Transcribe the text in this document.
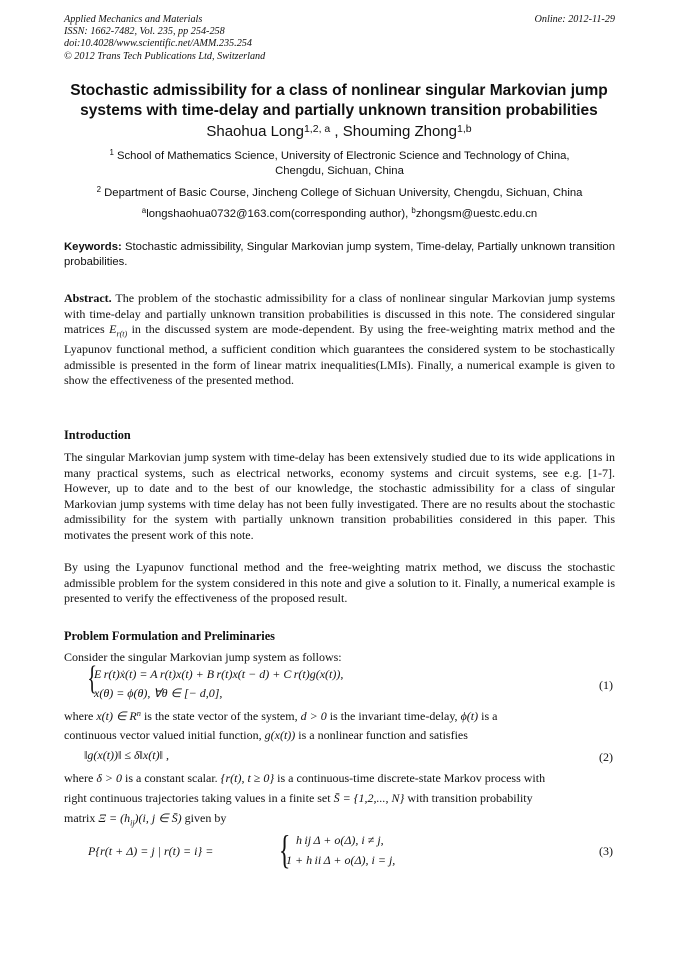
Applied Mechanics and Materials
ISSN: 1662-7482, Vol. 235, pp 254-258
doi:10.4028/www.scientific.net/AMM.235.254
© 2012 Trans Tech Publications Ltd, Switzerland
Online: 2012-11-29
Stochastic admissibility for a class of nonlinear singular Markovian jump systems with time-delay and partially unknown transition probabilities
Shaohua Long$^{1,2, a}$ , Shouming Zhong$^{1,b}$
$^1$ School of Mathematics Science, University of Electronic Science and Technology of China,
Chengdu, Sichuan, China
$^2$ Department of Basic Course, Jincheng College of Sichuan University, Chengdu, Sichuan, China
$^a$longshaohua0732@163.com(corresponding author), $^b$zhongsm@uestc.edu.cn
Keywords: Stochastic admissibility, Singular Markovian jump system, Time-delay, Partially unknown transition probabilities.
Abstract. The problem of the stochastic admissibility for a class of nonlinear singular Markovian jump systems with time-delay and partially unknown transition probabilities is discussed in this note. The considered singular matrices $E_{r(t)}$ in the discussed system are mode-dependent. By using the free-weighting matrix method and the Lyapunov functional method, a sufficient condition which guarantees the considered system to be stochastically admissible is presented in the form of linear matrix inequalities(LMIs). Finally, a numerical example is given to show the effectiveness of the presented method.
Introduction
The singular Markovian jump system with time-delay has been extensively studied due to its wide applications in many practical systems, such as electrical networks, economy systems and circuit systems, see e.g. [1-7]. However, up to date and to the best of our knowledge, the stochastic admissibility for a class of singular Markovian jump systems with time delay has not been fully investigated. There are no results about the stochastic admissibility for the system with partially unknown transition probabilities considered in this paper. This motivates the present work of this note.
By using the Lyapunov functional method and the free-weighting matrix method, we discuss the stochastic admissible problem for the system considered in this note and give a solution to it. Finally, a numerical example is presented to verify the effectiveness of the proposed result.
Problem Formulation and Preliminaries
Consider the singular Markovian jump system as follows:
{
E r(t)ẋ(t) = A r(t)x(t) + B r(t)x(t − d) + C r(t)g(x(t)),
x(θ) = ϕ(θ), ∀θ ∈ [− d,0],
(1)
where x(t) ∈ $R^n$ is the state vector of the system, d > 0 is the invariant time-delay, ϕ(t) is a
continuous vector valued initial function, g(x(t)) is a nonlinear function and satisfies
‖g(x(t))‖ ≤ δ‖x(t)‖ ,	(2)
where δ > 0 is a constant scalar. {r(t), t ≥ 0} is a continuous-time discrete-state Markov process with
right continuous trajectories taking values in a finite set S̄ = {1,2,..., N} with transition probability
matrix $\Xi = (h_{ij})(i$, j ∈ S̄) given by
P{r(t + Δ) = j | r(t) = i} = { h ij Δ + o(Δ), i ≠ j,
1 + h ii Δ + o(Δ), i = j,
(3)
